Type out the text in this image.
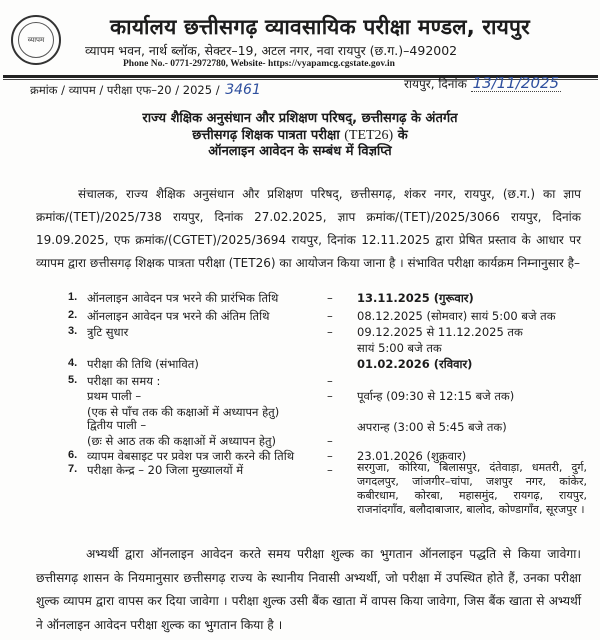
व्यापम
कार्यालय छत्तीसगढ़ व्यावसायिक परीक्षा मण्डल, रायपुर
व्यापम भवन, नार्थ ब्लॉक, सेक्टर–19, अटल नगर, नवा रायपुर (छ.ग.)–492002
Phone No.- 0771-2972780, Website- https://vyapamcg.cgstate.gov.in
क्रमांक / व्यापम / परीक्षा एफ–20 / 2025 / 3461	रायपुर, दिनांक 13/11/2025
राज्य शैक्षिक अनुसंधान और प्रशिक्षण परिषद्, छत्तीसगढ़ के अंतर्गत
छत्तीसगढ़ शिक्षक पात्रता परीक्षा (TET26) के
ऑनलाइन आवेदन के सम्बंध में विज्ञप्ति
संचालक, राज्य शैक्षिक अनुसंधान और प्रशिक्षण परिषद्, छत्तीसगढ़, शंकर नगर, रायपुर, (छ.ग.) का ज्ञाप क्रमांक/(TET)/2025/738 रायपुर, दिनांक 27.02.2025, ज्ञाप क्रमांक/(TET)/2025/3066 रायपुर, दिनांक 19.09.2025, एफ क्रमांक/(CGTET)/2025/3694 रायपुर, दिनांक 12.11.2025 द्वारा प्रेषित प्रस्ताव के आधार पर व्यापम द्वारा छत्तीसगढ़ शिक्षक पात्रता परीक्षा (TET26) का आयोजन किया जाना है । संभावित परीक्षा कार्यक्रम निम्नानुसार है–
1. ऑनलाइन आवेदन पत्र भरने की प्रारंभिक तिथि	– 13.11.2025 (गुरूवार)
2. ऑनलाइन आवेदन पत्र भरने की अंतिम तिथि	– 08.12.2025 (सोमवार) सायं 5:00 बजे तक
3. त्रुटि सुधार	– 09.12.2025 से 11.12.2025 तक
सायं 5:00 बजे तक
4. परीक्षा की तिथि (संभावित)	01.02.2026 (रविवार)
5. परीक्षा का समय :	–
प्रथम पाली –	– पूर्वान्ह (09:30 से 12:15 बजे तक)
(एक से पाँच तक की कक्षाओं में अध्यापन हेतु)
द्वितीय पाली –	अपरान्ह (3:00 से 5:45 बजे तक)
(छः से आठ तक की कक्षाओं में अध्यापन हेतु)	–
6. व्यापम वेबसाइट पर प्रवेश पत्र जारी करने की तिथि	– 23.01.2026 (शुक्रवार)
7. परीक्षा केन्द्र – 20 जिला मुख्यालयों में	– सरगुजा, कोरिया, बिलासपुर, दंतेवाड़ा, धमतरी, दुर्ग, जगदलपुर, जांजगीर–चांपा, जशपुर नगर, कांकेर, कबीरधाम, कोरबा, महासमुंद, रायगढ़, रायपुर, राजनांदगाँव, बलौदाबाजार, बालोद, कोण्डागाँव, सूरजपुर ।
अभ्यर्थी द्वारा ऑनलाइन आवेदन करते समय परीक्षा शुल्क का भुगतान ऑनलाइन पद्धति से किया जावेगा। छत्तीसगढ़ शासन के नियमानुसार छत्तीसगढ़ राज्य के स्थानीय निवासी अभ्यर्थी, जो परीक्षा में उपस्थित होते हैं, उनका परीक्षा शुल्क व्यापम द्वारा वापस कर दिया जावेगा । परीक्षा शुल्क उसी बैंक खाता में वापस किया जावेगा, जिस बैंक खाता से अभ्यर्थी ने ऑनलाइन आवेदन परीक्षा शुल्क का भुगतान किया है ।
